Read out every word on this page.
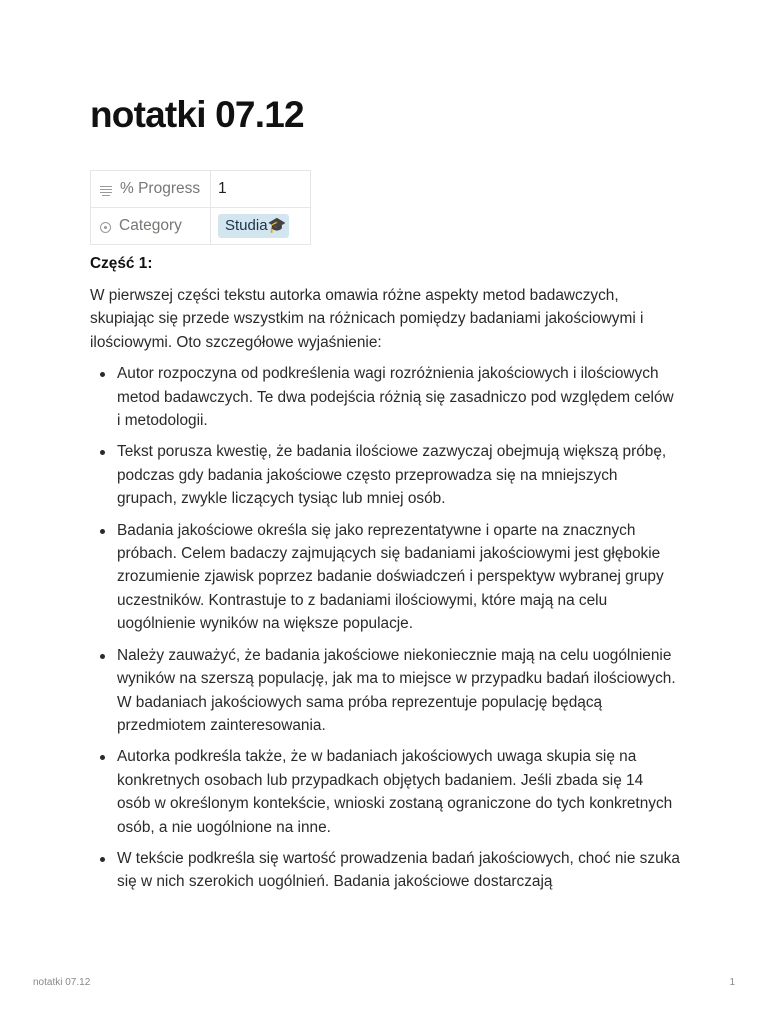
notatki 07.12
% Progress	1

Category	Studia 🎓

Część 1:

W pierwszej części tekstu autorka omawia różne aspekty metod badawczych, skupiając się przede wszystkim na różnicach pomiędzy badaniami jakościowymi i ilościowymi. Oto szczegółowe wyjaśnienie:

Autor rozpoczyna od podkreślenia wagi rozróżnienia jakościowych i ilościowych metod badawczych. Te dwa podejścia różnią się zasadniczo pod względem celów i metodologii.
Tekst porusza kwestię, że badania ilościowe zazwyczaj obejmują większą próbę, podczas gdy badania jakościowe często przeprowadza się na mniejszych grupach, zwykle liczących tysiąc lub mniej osób.
Badania jakościowe określa się jako reprezentatywne i oparte na znacznych próbach. Celem badaczy zajmujących się badaniami jakościowymi jest głębokie zrozumienie zjawisk poprzez badanie doświadczeń i perspektyw wybranej grupy uczestników. Kontrastuje to z badaniami ilościowymi, które mają na celu uogólnienie wyników na większe populacje.
Należy zauważyć, że badania jakościowe niekoniecznie mają na celu uogólnienie wyników na szerszą populację, jak ma to miejsce w przypadku badań ilościowych. W badaniach jakościowych sama próba reprezentuje populację będącą przedmiotem zainteresowania.
Autorka podkreśla także, że w badaniach jakościowych uwaga skupia się na konkretnych osobach lub przypadkach objętych badaniem. Jeśli zbada się 14 osób w określonym kontekście, wnioski zostaną ograniczone do tych konkretnych osób, a nie uogólnione na inne.
W tekście podkreśla się wartość prowadzenia badań jakościowych, choć nie szuka się w nich szerokich uogólnień. Badania jakościowe dostarczają
notatki 07.12	1
